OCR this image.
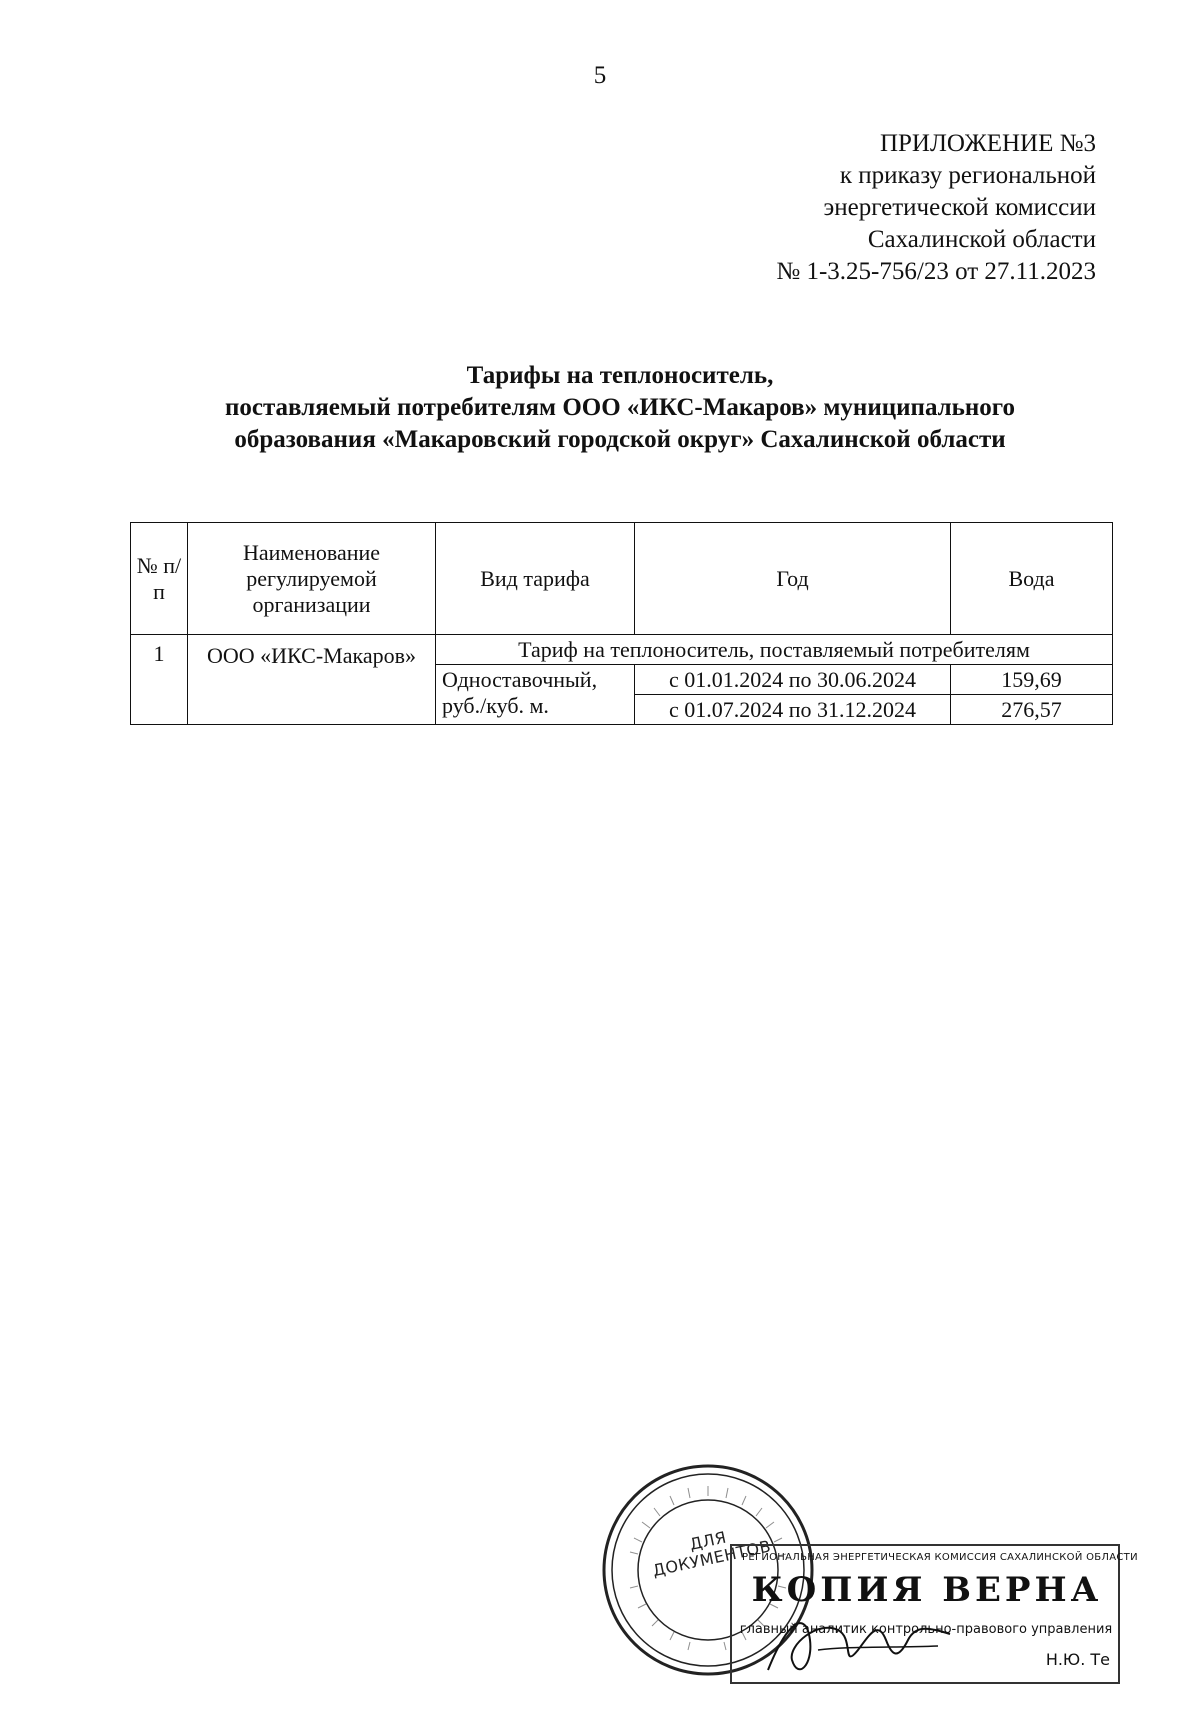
5
ПРИЛОЖЕНИЕ №3
к приказу региональной
энергетической комиссии
Сахалинской области
№ 1-3.25-756/23 от 27.11.2023
Тарифы на теплоноситель,
поставляемый потребителям ООО «ИКС-Макаров» муниципального
образования «Макаровский городской округ» Сахалинской области
№ п/п	Наименование регулируемой организации	Вид тарифа	Год	Вода
1	ООО «ИКС-Макаров»	Тариф на теплоноситель, поставляемый потребителям		
		Одноставочный, руб./куб. м.	с 01.01.2024 по 30.06.2024	159,69
			с 01.07.2024 по 31.12.2024	276,57
ДЛЯ ДОКУМЕНТОВ
РЕГИОНАЛЬНАЯ ЭНЕРГЕТИЧЕСКАЯ КОМИССИЯ САХАЛИНСКОЙ ОБЛАСТИ
КОПИЯ ВЕРНА
главный аналитик контрольно-правового управления
Н.Ю. Те
